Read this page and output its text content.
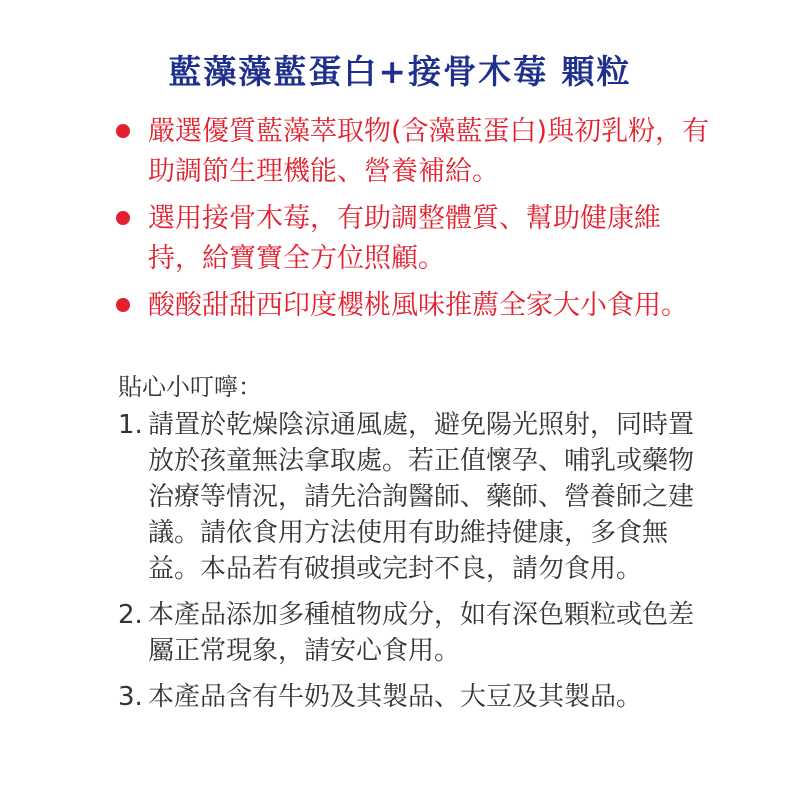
藍藻藻藍蛋白+接骨木莓 顆粒
嚴選優質藍藻萃取物(含藻藍蛋白)與初乳粉，有助調節生理機能、營養補給。
選用接骨木莓，有助調整體質、幫助健康維持，給寶寶全方位照顧。
酸酸甜甜西印度櫻桃風味推薦全家大小食用。
貼心小叮嚀：
1. 請置於乾燥陰涼通風處，避免陽光照射，同時置放於孩童無法拿取處。若正值懷孕、哺乳或藥物治療等情況，請先洽詢醫師、藥師、營養師之建議。請依食用方法使用有助維持健康，多食無益。本品若有破損或完封不良，請勿食用。
2. 本產品添加多種植物成分，如有深色顆粒或色差屬正常現象，請安心食用。
3. 本產品含有牛奶及其製品、大豆及其製品。
